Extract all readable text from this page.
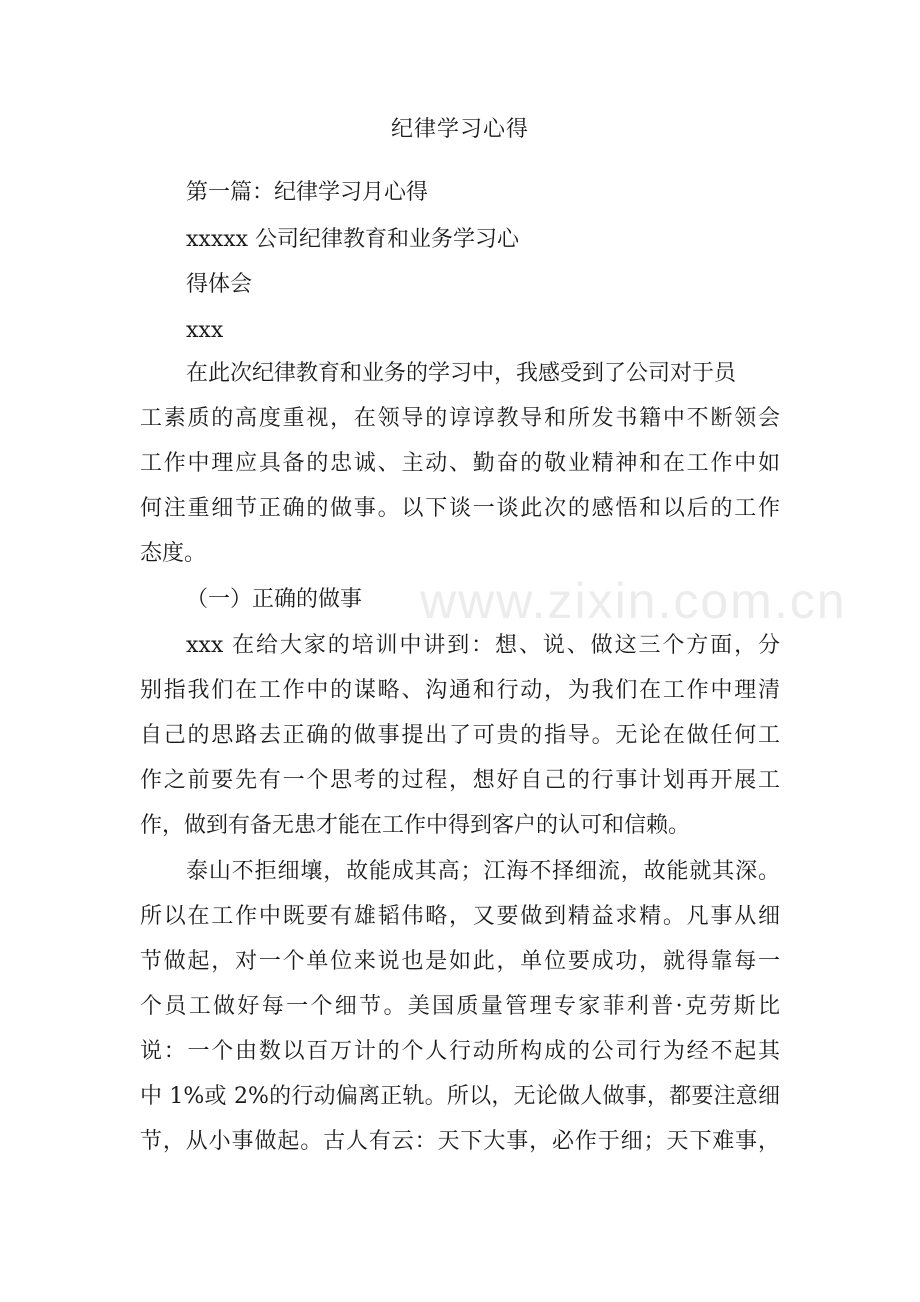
纪律学习心得
第一篇：纪律学习月心得
xxxxx 公司纪律教育和业务学习心
得体会
xxx
在此次纪律教育和业务的学习中，我感受到了公司对于员
工素质的高度重视，在领导的谆谆教导和所发书籍中不断领会
工作中理应具备的忠诚、主动、勤奋的敬业精神和在工作中如
何注重细节正确的做事。以下谈一谈此次的感悟和以后的工作
态度。
（一）正确的做事
xxx 在给大家的培训中讲到：想、说、做这三个方面，分
别指我们在工作中的谋略、沟通和行动，为我们在工作中理清
自己的思路去正确的做事提出了可贵的指导。无论在做任何工
作之前要先有一个思考的过程，想好自己的行事计划再开展工
作，做到有备无患才能在工作中得到客户的认可和信赖。
泰山不拒细壤，故能成其高；江海不择细流，故能就其深。
所以在工作中既要有雄韬伟略，又要做到精益求精。凡事从细
节做起，对一个单位来说也是如此，单位要成功，就得靠每一
个员工做好每一个细节。美国质量管理专家菲利普·克劳斯比
说：一个由数以百万计的个人行动所构成的公司行为经不起其
中 1%或 2%的行动偏离正轨。所以，无论做人做事，都要注意细
节，从小事做起。古人有云：天下大事，必作于细；天下难事，
www.zixin.com.cn
